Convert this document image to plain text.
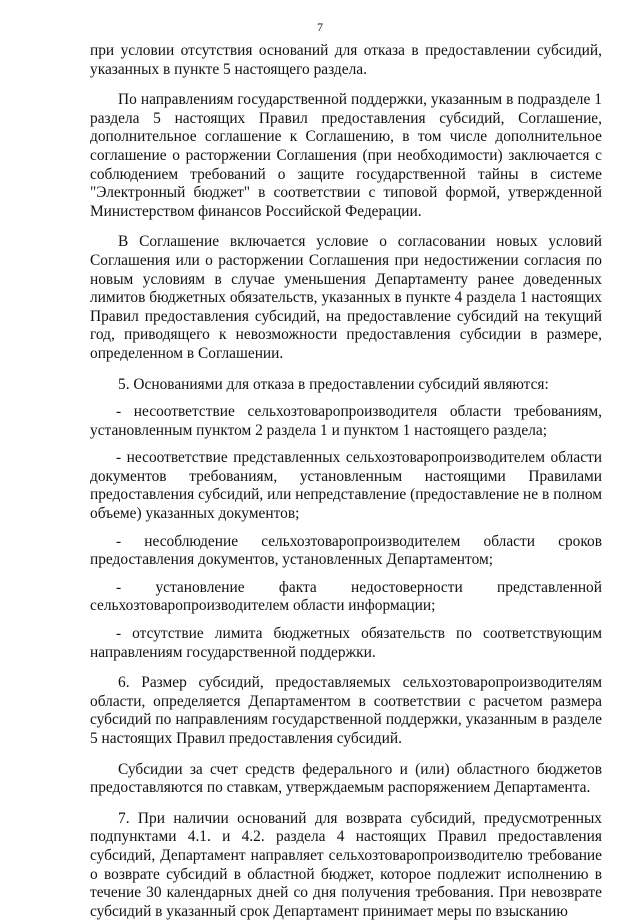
7

при условии отсутствия оснований для отказа в предоставлении субсидий, указанных в пункте 5 настоящего раздела.

По направлениям государственной поддержки, указанным в подразделе 1 раздела 5 настоящих Правил предоставления субсидий, Соглашение, дополнительное соглашение к Соглашению, в том числе дополнительное соглашение о расторжении Соглашения (при необходимости) заключается с соблюдением требований о защите государственной тайны в системе "Электронный бюджет" в соответствии с типовой формой, утвержденной Министерством финансов Российской Федерации.

В Соглашение включается условие о согласовании новых условий Соглашения или о расторжении Соглашения при недостижении согласия по новым условиям в случае уменьшения Департаменту ранее доведенных лимитов бюджетных обязательств, указанных в пункте 4 раздела 1 настоящих Правил предоставления субсидий, на предоставление субсидий на текущий год, приводящего к невозможности предоставления субсидии в размере, определенном в Соглашении.

5. Основаниями для отказа в предоставлении субсидий являются:

- несоответствие сельхозтоваропроизводителя области требованиям, установленным пунктом 2 раздела 1 и пунктом 1 настоящего раздела;

- несоответствие представленных сельхозтоваропроизводителем области документов требованиям, установленным настоящими Правилами предоставления субсидий, или непредставление (предоставление не в полном объеме) указанных документов;

- несоблюдение сельхозтоваропроизводителем области сроков предоставления документов, установленных Департаментом;

- установление факта недостоверности представленной сельхозтоваропроизводителем области информации;

- отсутствие лимита бюджетных обязательств по соответствующим направлениям государственной поддержки.

6. Размер субсидий, предоставляемых сельхозтоваропроизводителям области, определяется Департаментом в соответствии с расчетом размера субсидий по направлениям государственной поддержки, указанным в разделе 5 настоящих Правил предоставления субсидий.

Субсидии за счет средств федерального и (или) областного бюджетов предоставляются по ставкам, утверждаемым распоряжением Департамента.

7. При наличии оснований для возврата субсидий, предусмотренных подпунктами 4.1. и 4.2. раздела 4 настоящих Правил предоставления субсидий, Департамент направляет сельхозтоваропроизводителю требование о возврате субсидий в областной бюджет, которое подлежит исполнению в течение 30 календарных дней со дня получения требования. При невозврате субсидий в указанный срок Департамент принимает меры по взысканию
